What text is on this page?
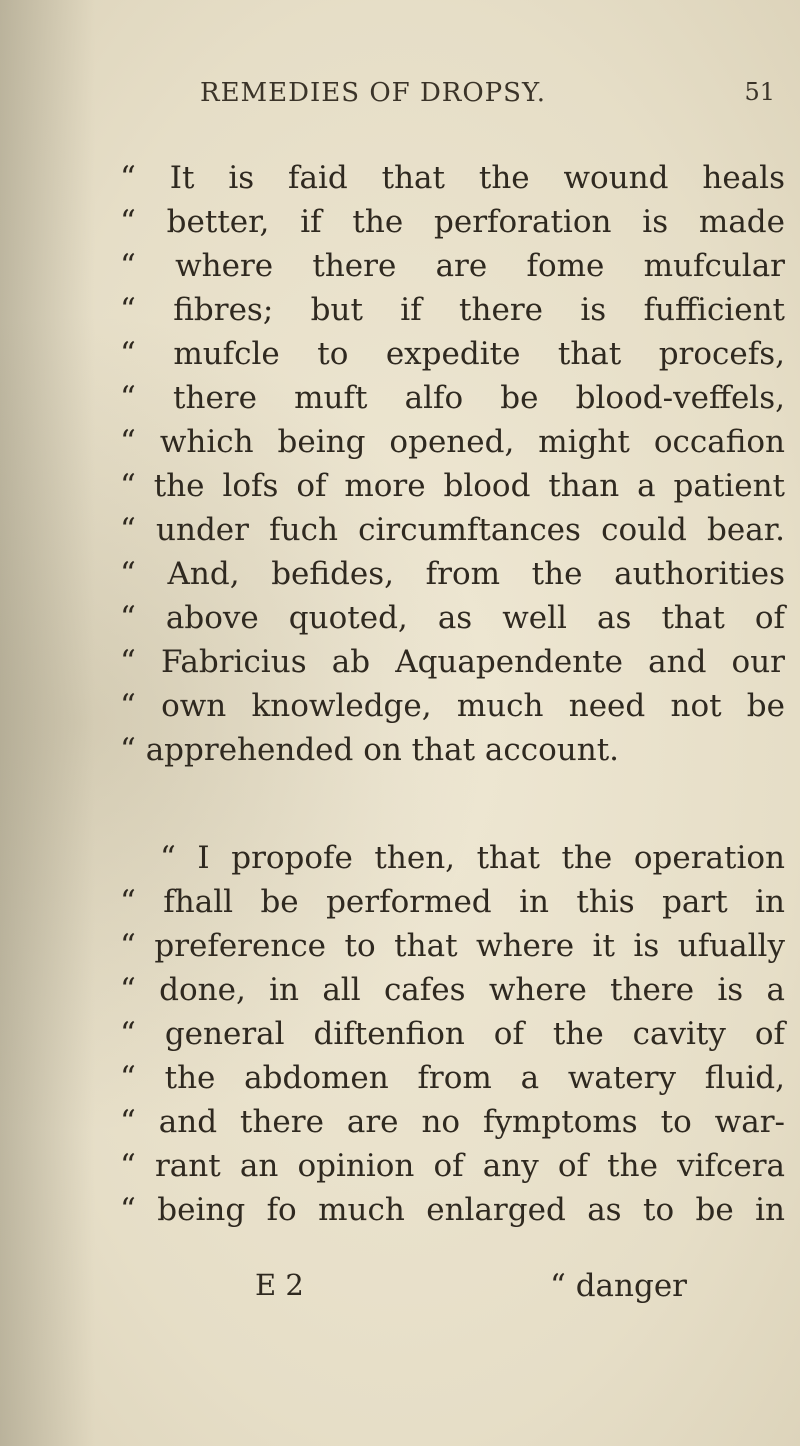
REMEDIES OF DROPSY.	51
“ It is faid that the wound heals
“ better, if the perforation is made
“ where there are fome mufcular
“ fibres; but if there is fufficient
“ mufcle to expedite that procefs,
“ there muft alfo be blood-veffels,
“ which being opened, might occafion
“ the lofs of more blood than a patient
“ under fuch circumftances could bear.
“ And, befides, from the authorities
“ above quoted, as well as that of
“ Fabricius ab Aquapendente and our
“ own knowledge, much need not be
“ apprehended on that account.
“ I propofe then, that the operation
“ fhall be performed in this part in
“ preference to that where it is ufually
“ done, in all cafes where there is a
“ general diftenfion of the cavity of
“ the abdomen from a watery fluid,
“ and there are no fymptoms to war-
“ rant an opinion of any of the vifcera
“ being fo much enlarged as to be in
E 2	“ danger
